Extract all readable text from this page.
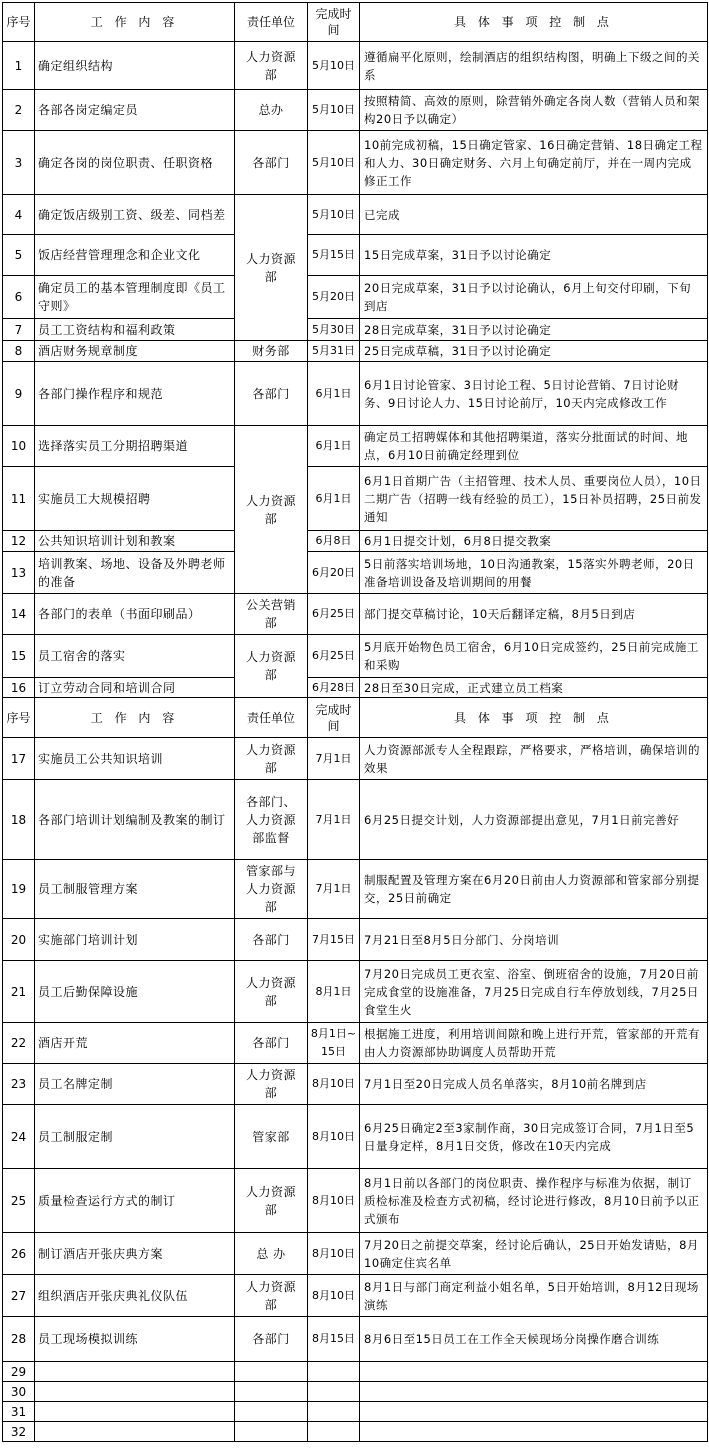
序号	工 作 内 容	责任单位	完成时间	具 体 事 项 控 制 点
1	确定组织结构	人力资源部	5月10日	遵循扁平化原则，绘制酒店的组织结构图，明确上下级之间的关系
2	各部各岗定编定员	总办	5月10日	按照精简、高效的原则，除营销外确定各岗人数（营销人员和架构20日予以确定）
3	确定各岗的岗位职责、任职资格	各部门	5月10日	10前完成初稿，15日确定管家、16日确定营销、18日确定工程和人力、30日确定财务、六月上旬确定前厅，并在一周内完成修正工作
4	确定饭店级别工资、级差、同档差	人力资源部	5月10日	已完成
5	饭店经营管理理念和企业文化		5月15日	15日完成草案，31日予以讨论确定
6	确定员工的基本管理制度即《员工守则》		5月20日	20日完成草案，31日予以讨论确认，6月上旬交付印刷，下旬到店
7	员工工资结构和福利政策		5月30日	28日完成草案，31日予以讨论确定
8	酒店财务规章制度	财务部	5月31日	25日完成草稿，31日予以讨论确定
9	各部门操作程序和规范	各部门	6月1日	6月1日讨论管家、3日讨论工程、5日讨论营销、7日讨论财务、9日讨论人力、15日讨论前厅，10天内完成修改工作
10	选择落实员工分期招聘渠道	人力资源部	6月1日	确定员工招聘媒体和其他招聘渠道，落实分批面试的时间、地点，6月10日前确定经理到位
11	实施员工大规模招聘		6月1日	6月1日首期广告（主招管理、技术人员、重要岗位人员），10日二期广告（招聘一线有经验的员工），15日补员招聘，25日前发通知
12	公共知识培训计划和教案		6月8日	6月1日提交计划，6月8日提交教案
13	培训教案、场地、设备及外聘老师的准备		6月20日	5日前落实培训场地，10日沟通教案，15落实外聘老师，20日准备培训设备及培训期间的用餐
14	各部门的表单（书面印刷品）	公关营销部	6月25日	部门提交草稿讨论，10天后翻译定稿，8月5日到店
15	员工宿舍的落实	人力资源部	6月25日	5月底开始物色员工宿舍，6月10日完成签约，25日前完成施工和采购
16	订立劳动合同和培训合同		6月28日	28日至30日完成，正式建立员工档案
序号	工 作 内 容	责任单位	完成时间	具 体 事 项 控 制 点
17	实施员工公共知识培训	人力资源部	7月1日	人力资源部派专人全程跟踪，严格要求，严格培训，确保培训的效果
18	各部门培训计划编制及教案的制订	各部门、人力资源部监督	7月1日	6月25日提交计划，人力资源部提出意见，7月1日前完善好
19	员工制服管理方案	管家部与人力资源部	7月1日	制服配置及管理方案在6月20日前由人力资源部和管家部分别提交，25日前确定
20	实施部门培训计划	各部门	7月15日	7月21日至8月5日分部门、分岗培训
21	员工后勤保障设施	人力资源部	8月1日	7月20日完成员工更衣室、浴室、倒班宿舍的设施，7月20日前完成食堂的设施准备，7月25日完成自行车停放划线，7月25日食堂生火
22	酒店开荒	各部门	8月1日~15日	根据施工进度，利用培训间隙和晚上进行开荒，管家部的开荒有由人力资源部协助调度人员帮助开荒
23	员工名牌定制	人力资源部	8月10日	7月1日至20日完成人员名单落实，8月10前名牌到店
24	员工制服定制	管家部	8月10日	6月25日确定2至3家制作商，30日完成签订合同，7月1日至5日量身定样，8月1日交货，修改在10天内完成
25	质量检查运行方式的制订	人力资源部	8月10日	8月1日前以各部门的岗位职责、操作程序与标准为依据，制订质检标准及检查方式初稿，经讨论进行修改，8月10日前予以正式颁布
26	制订酒店开张庆典方案	总 办	8月10日	7月20日之前提交草案，经讨论后确认，25日开始发请贴，8月10确定住宾名单
27	组织酒店开张庆典礼仪队伍	人力资源部	8月10日	8月1日与部门商定利益小姐名单，5日开始培训，8月12日现场演练
28	员工现场模拟训练	各部门	8月15日	8月6日至15日员工在工作全天候现场分岗操作磨合训练
29				
30				
31				
32				
